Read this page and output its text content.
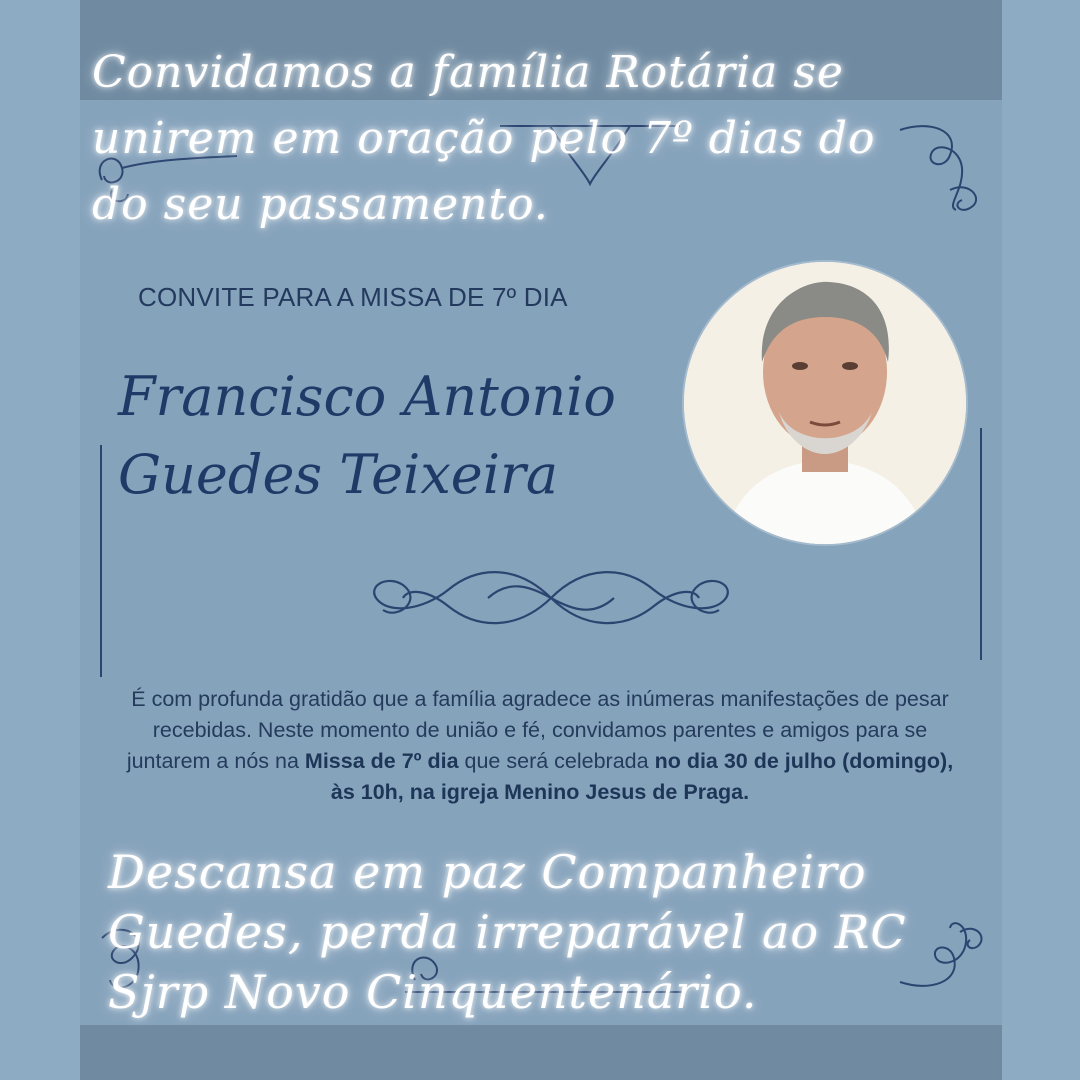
Convidamos a família Rotária se
unirem em oração pelo 7º dias do
do seu passamento.
CONVITE PARA A MISSA DE 7º DIA
Francisco Antonio
Guedes Teixeira
É com profunda gratidão que a família agradece as inúmeras manifestações de pesar recebidas. Neste momento de união e fé, convidamos parentes e amigos para se juntarem a nós na Missa de 7º dia que será celebrada no dia 30 de julho (domingo), às 10h, na igreja Menino Jesus de Praga.
Descansa em paz Companheiro
Guedes, perda irreparável ao RC
Sjrp Novo Cinquentenário.
